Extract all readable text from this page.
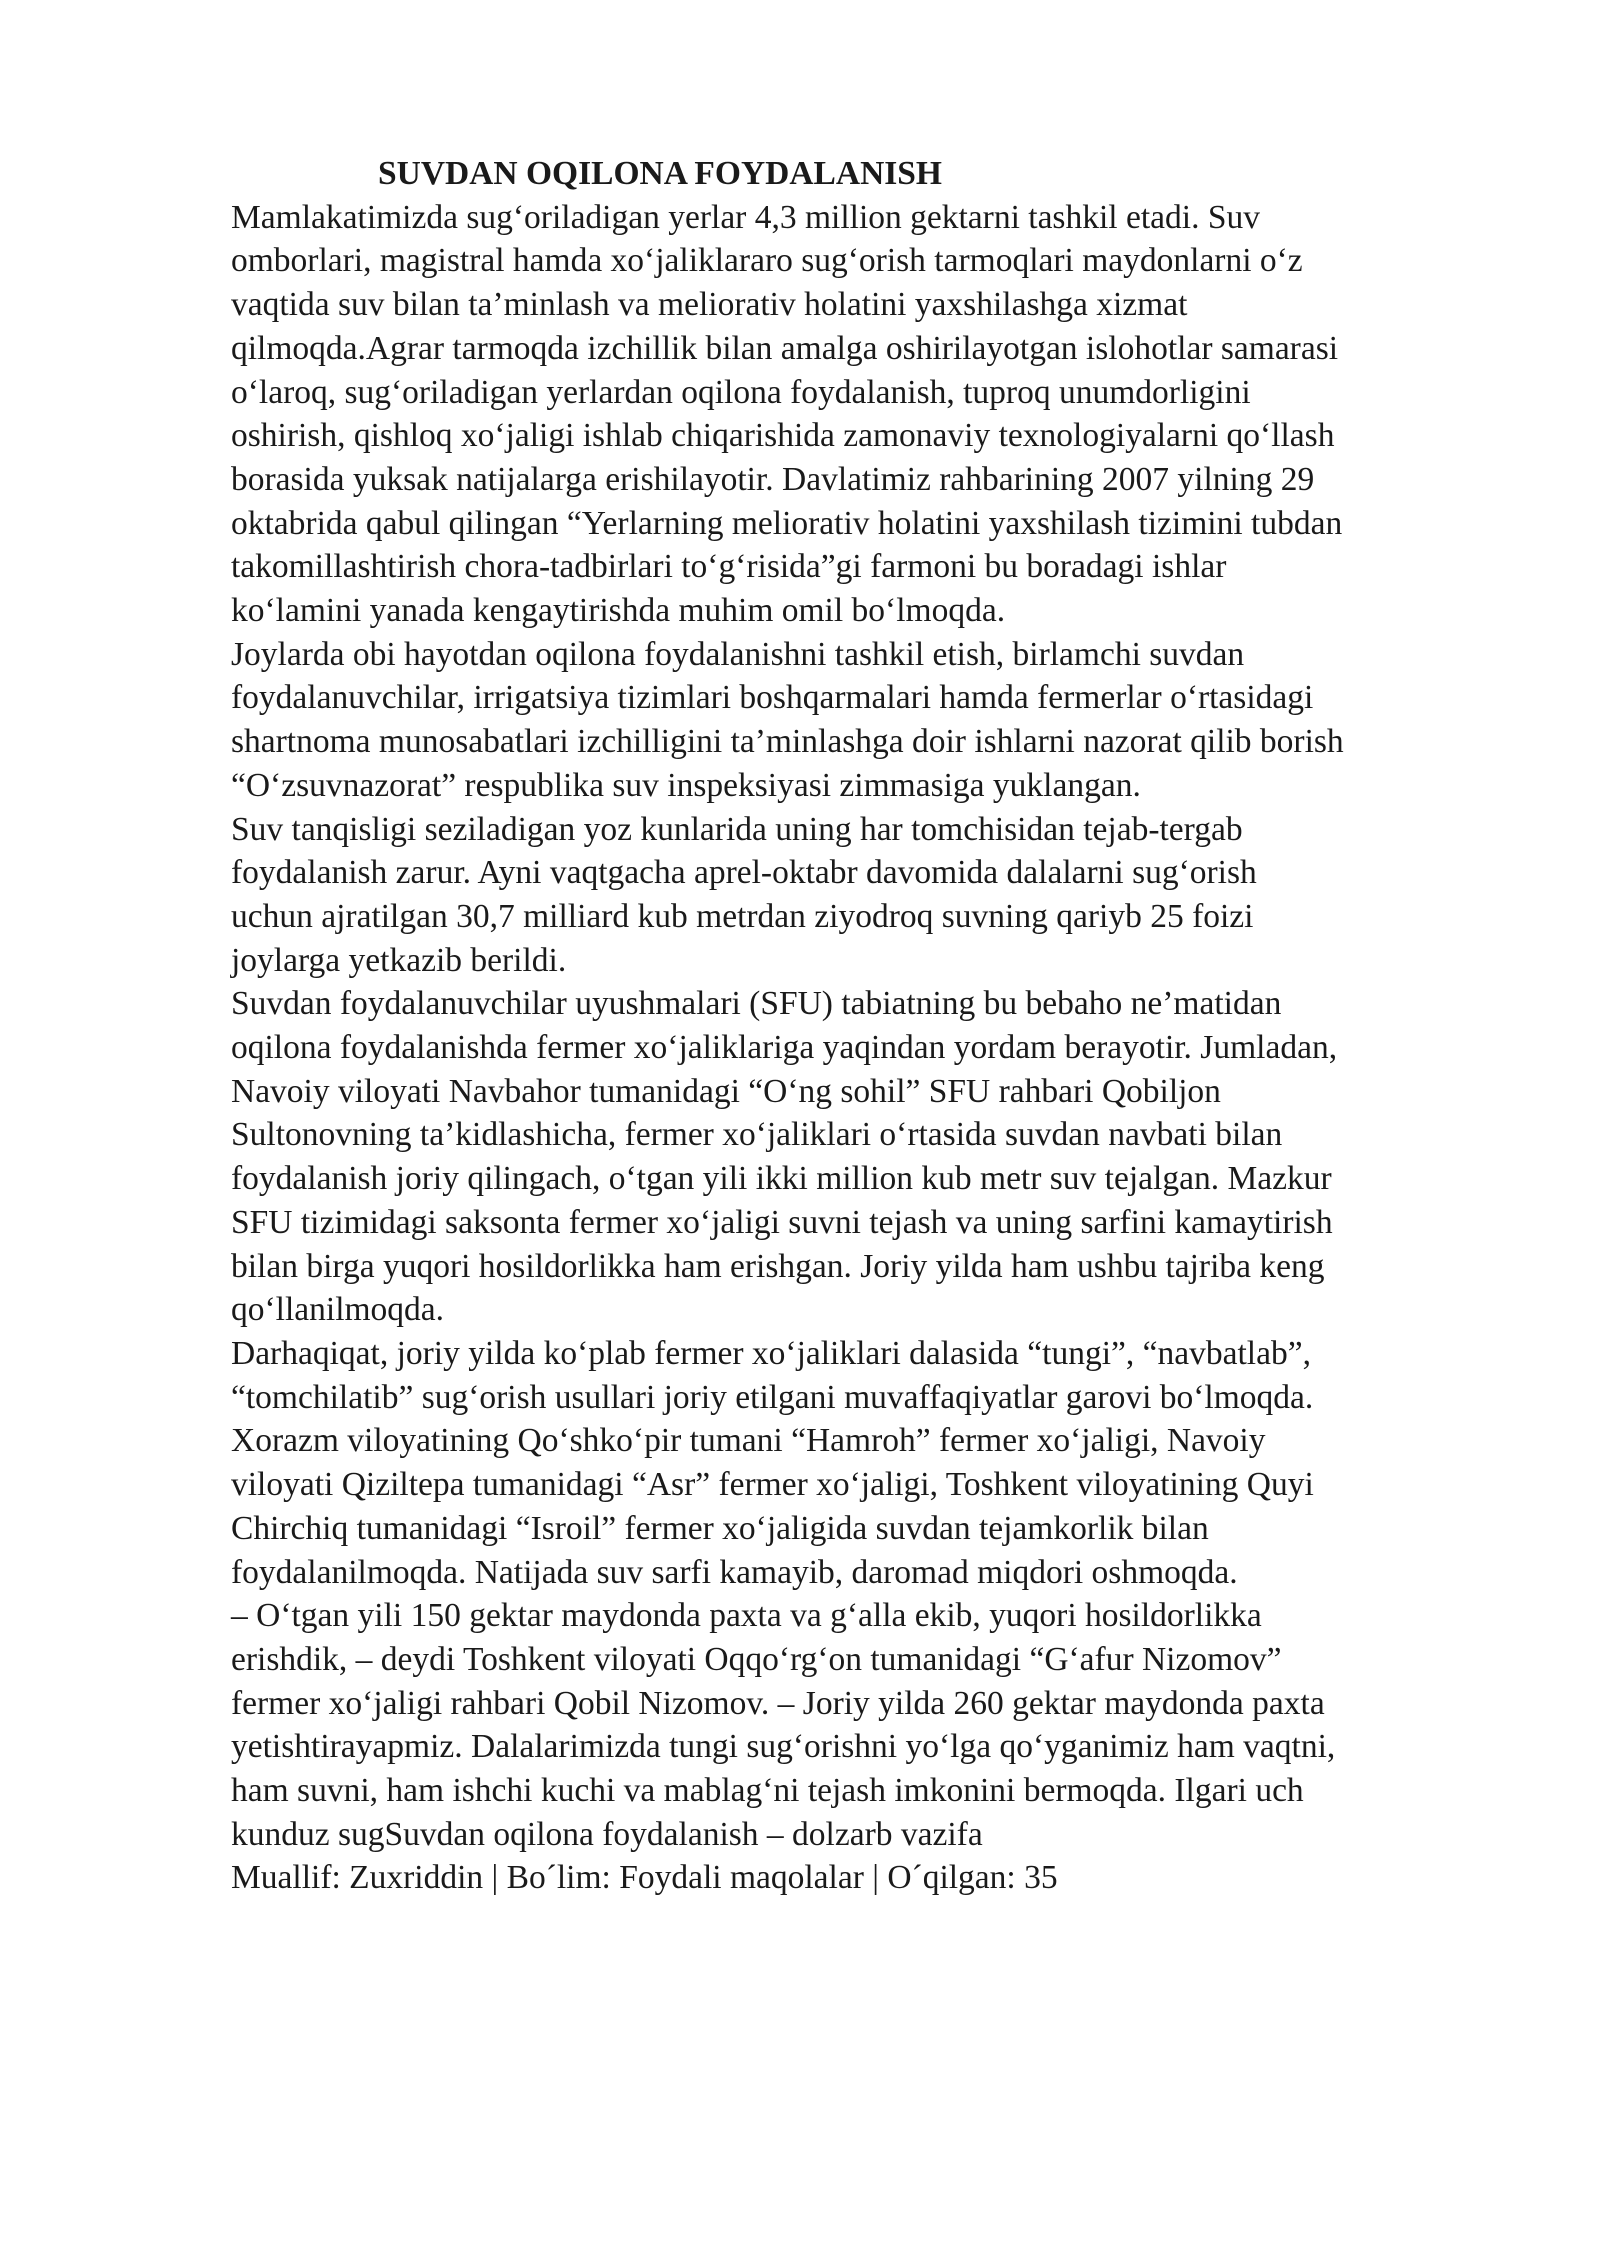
SUVDAN OQILONA FOYDALANISH
Mamlakatimizda sug‘oriladigan yerlar 4,3 million gektarni tashkil etadi. Suv
omborlari, magistral hamda xo‘jaliklararo sug‘orish tarmoqlari maydonlarni o‘z
vaqtida suv bilan ta’minlash va meliorativ holatini yaxshilashga xizmat
qilmoqda.Agrar tarmoqda izchillik bilan amalga oshirilayotgan islohotlar samarasi
o‘laroq, sug‘oriladigan yerlardan oqilona foydalanish, tuproq unumdorligini
oshirish, qishloq xo‘jaligi ishlab chiqarishida zamonaviy texnologiyalarni qo‘llash
borasida yuksak natijalarga erishilayotir. Davlatimiz rahbarining 2007 yilning 29
oktabrida qabul qilingan “Yerlarning meliorativ holatini yaxshilash tizimini tubdan
takomillashtirish chora-tadbirlari to‘g‘risida”gi farmoni bu boradagi ishlar
ko‘lamini yanada kengaytirishda muhim omil bo‘lmoqda.
Joylarda obi hayotdan oqilona foydalanishni tashkil etish, birlamchi suvdan
foydalanuvchilar, irrigatsiya tizimlari boshqarmalari hamda fermerlar o‘rtasidagi
shartnoma munosabatlari izchilligini ta’minlashga doir ishlarni nazorat qilib borish
“O‘zsuvnazorat” respublika suv inspeksiyasi zimmasiga yuklangan.
Suv tanqisligi seziladigan yoz kunlarida uning har tomchisidan tejab-tergab
foydalanish zarur. Ayni vaqtgacha aprel-oktabr davomida dalalarni sug‘orish
uchun ajratilgan 30,7 milliard kub metrdan ziyodroq suvning qariyb 25 foizi
joylarga yetkazib berildi.
Suvdan foydalanuvchilar uyushmalari (SFU) tabiatning bu bebaho ne’matidan
oqilona foydalanishda fermer xo‘jaliklariga yaqindan yordam berayotir. Jumladan,
Navoiy viloyati Navbahor tumanidagi “O‘ng sohil” SFU rahbari Qobiljon
Sultonovning ta’kidlashicha, fermer xo‘jaliklari o‘rtasida suvdan navbati bilan
foydalanish joriy qilingach, o‘tgan yili ikki million kub metr suv tejalgan. Mazkur
SFU tizimidagi saksonta fermer xo‘jaligi suvni tejash va uning sarfini kamaytirish
bilan birga yuqori hosildorlikka ham erishgan. Joriy yilda ham ushbu tajriba keng
qo‘llanilmoqda.
Darhaqiqat, joriy yilda ko‘plab fermer xo‘jaliklari dalasida “tungi”, “navbatlab”,
“tomchilatib” sug‘orish usullari joriy etilgani muvaffaqiyatlar garovi bo‘lmoqda.
Xorazm viloyatining Qo‘shko‘pir tumani “Hamroh” fermer xo‘jaligi, Navoiy
viloyati Qiziltepa tumanidagi “Asr” fermer xo‘jaligi, Toshkent viloyatining Quyi
Chirchiq tumanidagi “Isroil” fermer xo‘jaligida suvdan tejamkorlik bilan
foydalanilmoqda. Natijada suv sarfi kamayib, daromad miqdori oshmoqda.
– O‘tgan yili 150 gektar maydonda paxta va g‘alla ekib, yuqori hosildorlikka
erishdik, – deydi Toshkent viloyati Oqqo‘rg‘on tumanidagi “G‘afur Nizomov”
fermer xo‘jaligi rahbari Qobil Nizomov. – Joriy yilda 260 gektar maydonda paxta
yetishtirayapmiz. Dalalarimizda tungi sug‘orishni yo‘lga qo‘yganimiz ham vaqtni,
ham suvni, ham ishchi kuchi va mablag‘ni tejash imkonini bermoqda. Ilgari uch
kunduz sugSuvdan oqilona foydalanish – dolzarb vazifa
Muallif: Zuxriddin | Bo´lim: Foydali maqolalar | O´qilgan: 35
